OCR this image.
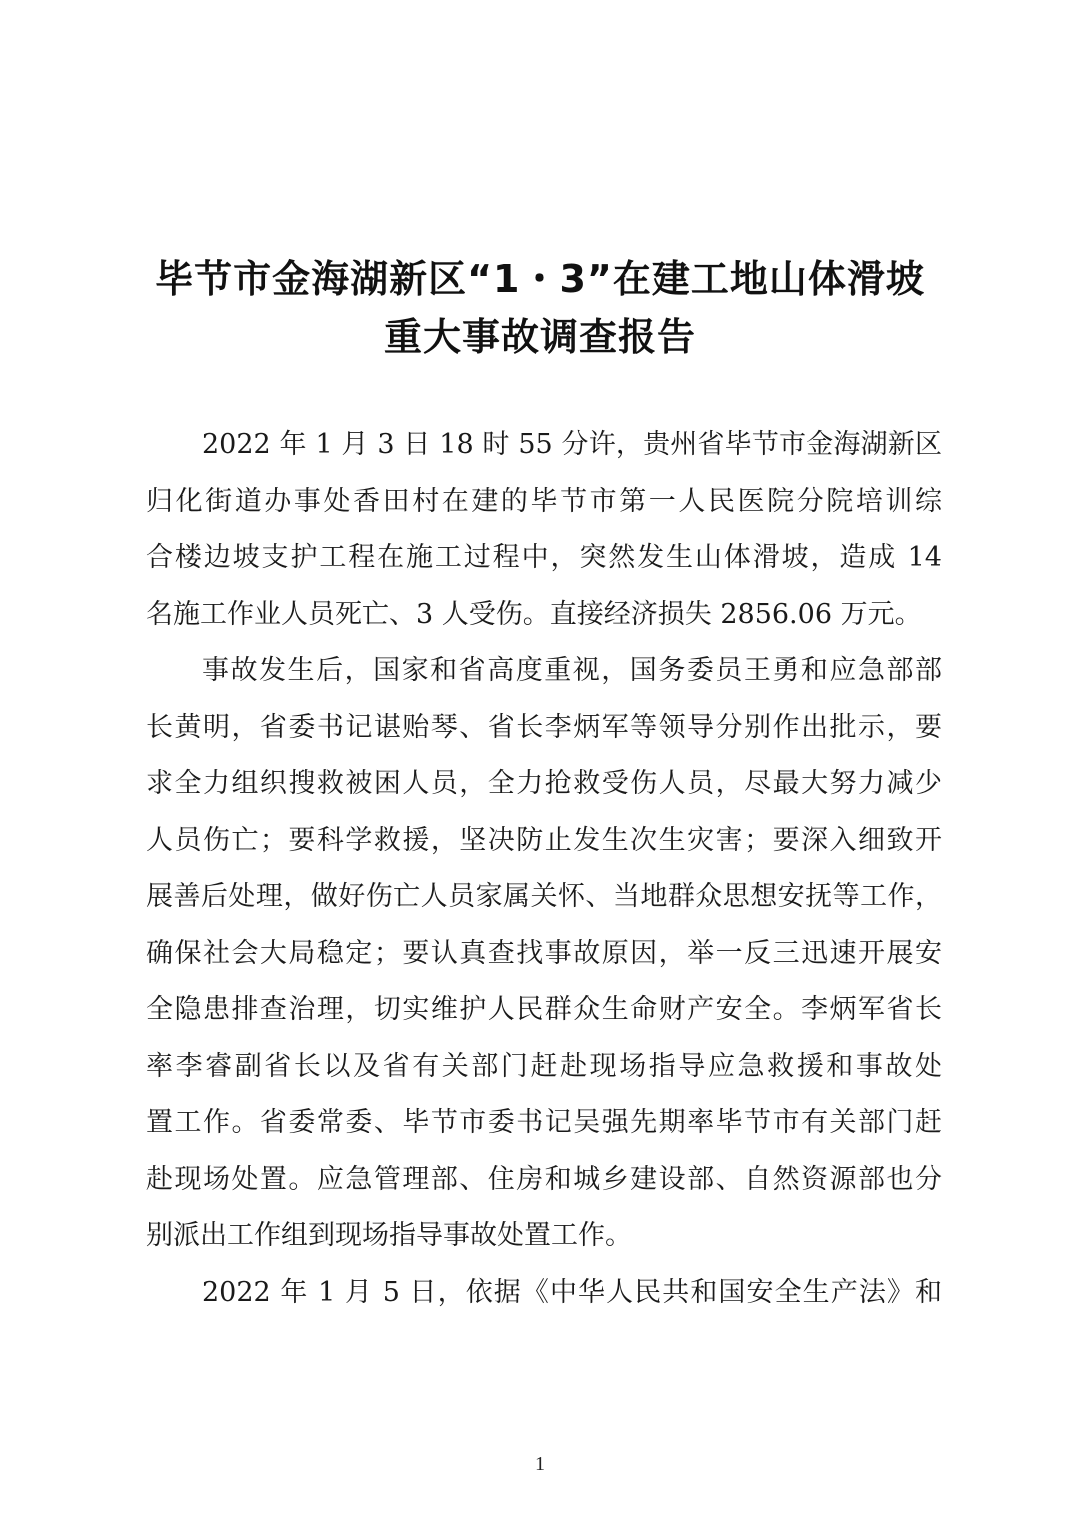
毕节市金海湖新区“1・3”在建工地山体滑坡
重大事故调查报告
2022 年 1 月 3 日 18 时 55 分许，贵州省毕节市金海湖新区
归化街道办事处香田村在建的毕节市第一人民医院分院培训综
合楼边坡支护工程在施工过程中，突然发生山体滑坡，造成 14
名施工作业人员死亡、3 人受伤。直接经济损失 2856.06 万元。
事故发生后，国家和省高度重视，国务委员王勇和应急部部
长黄明，省委书记谌贻琴、省长李炳军等领导分别作出批示，要
求全力组织搜救被困人员，全力抢救受伤人员，尽最大努力减少
人员伤亡；要科学救援，坚决防止发生次生灾害；要深入细致开
展善后处理，做好伤亡人员家属关怀、当地群众思想安抚等工作，
确保社会大局稳定；要认真查找事故原因，举一反三迅速开展安
全隐患排查治理，切实维护人民群众生命财产安全。李炳军省长
率李睿副省长以及省有关部门赶赴现场指导应急救援和事故处
置工作。省委常委、毕节市委书记吴强先期率毕节市有关部门赶
赴现场处置。应急管理部、住房和城乡建设部、自然资源部也分
别派出工作组到现场指导事故处置工作。
2022 年 1 月 5 日，依据《中华人民共和国安全生产法》和
1
